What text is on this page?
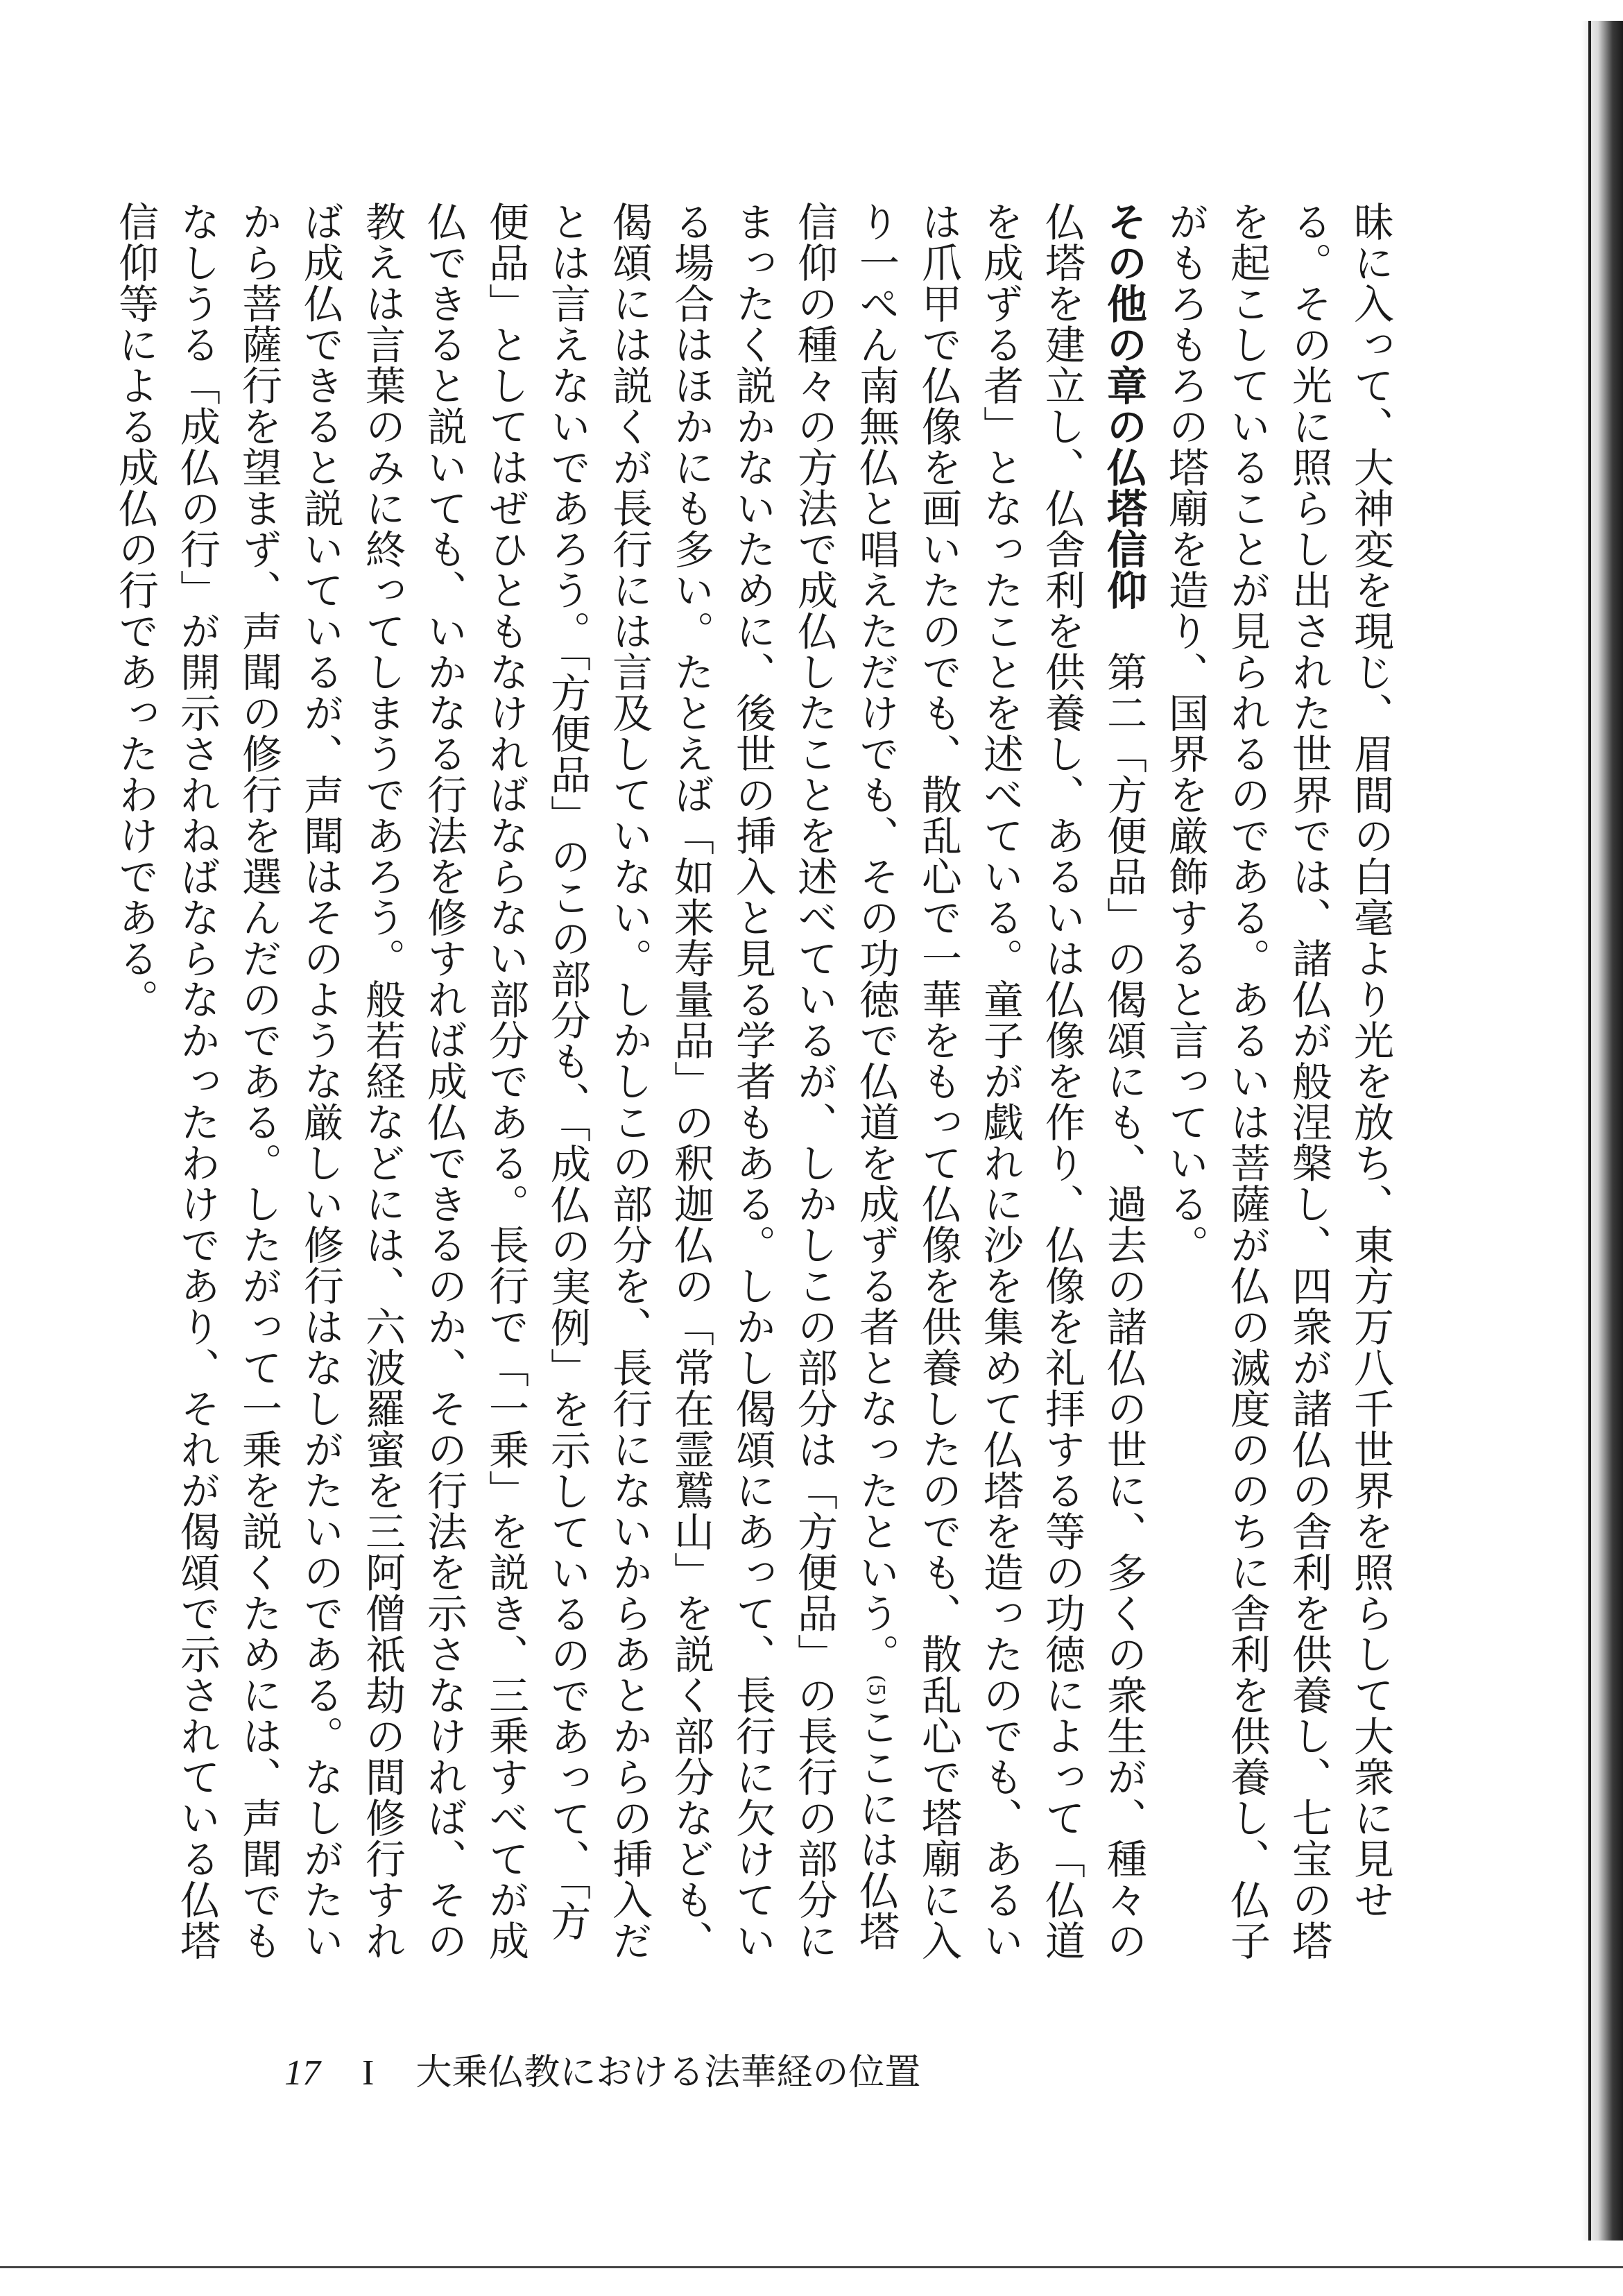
昧に入って、大神変を現じ、眉間の白毫より光を放ち、東方万八千世界を照らして大衆に見せる。その光に照らし出された世界では、諸仏が般涅槃し、四衆が諸仏の舎利を供養し、七宝の塔を起こしていることが見られるのである。あるいは菩薩が仏の滅度ののちに舎利を供養し、仏子がもろもろの塔廟を造り、国界を厳飾すると言っている。

その他の章の仏塔信仰　第二「方便品」の偈頌にも、過去の諸仏の世に、多くの衆生が、種々の仏塔を建立し、仏舎利を供養し、あるいは仏像を作り、仏像を礼拝する等の功徳によって「仏道を成ずる者」となったことを述べている。童子が戯れに沙を集めて仏塔を造ったのでも、あるいは爪甲で仏像を画いたのでも、散乱心で一華をもって仏像を供養したのでも、散乱心で塔廟に入り一ぺん南無仏と唱えただけでも、その功徳で仏道を成ずる者となったという。(5)ここには仏塔信仰の種々の方法で成仏したことを述べているが、しかしこの部分は「方便品」の長行の部分にまったく説かないために、後世の挿入と見る学者もある。しかし偈頌にあって、長行に欠けている場合はほかにも多い。たとえば「如来寿量品」の釈迦仏の「常在霊鷲山」を説く部分なども、偈頌には説くが長行には言及していない。しかしこの部分を、長行にないからあとからの挿入だとは言えないであろう。「方便品」のこの部分も、「成仏の実例」を示しているのであって、「方便品」としてはぜひともなければならない部分である。長行で「一乗」を説き、三乗すべてが成仏できると説いても、いかなる行法を修すれば成仏できるのか、その行法を示さなければ、その教えは言葉のみに終ってしまうであろう。般若経などには、六波羅蜜を三阿僧祇劫の間修行すれば成仏できると説いているが、声聞はそのような厳しい修行はなしがたいのである。なしがたいから菩薩行を望まず、声聞の修行を選んだのである。したがって一乗を説くためには、声聞でもなしうる「成仏の行」が開示されねばならなかったわけであり、それが偈頌で示されている仏塔信仰等による成仏の行であったわけである。

17 I 大乗仏教における法華経の位置
